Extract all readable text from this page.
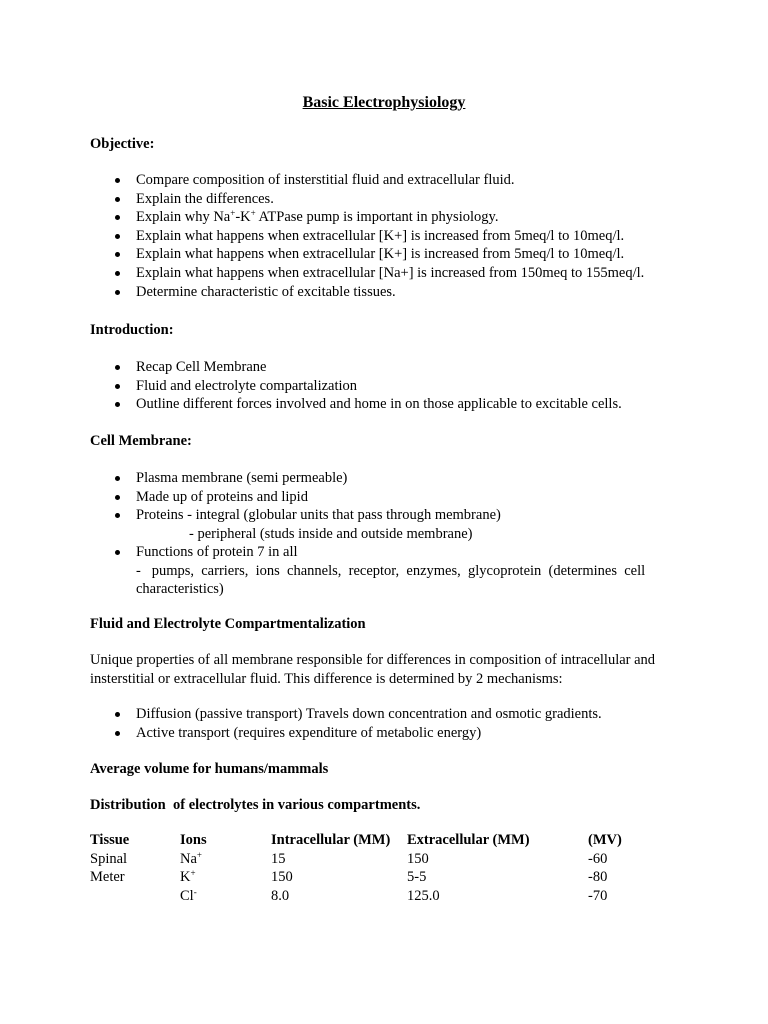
Basic Electrophysiology
Objective:
Compare composition of insterstitial fluid and extracellular fluid.
Explain the differences.
Explain why Na+-K+ ATPase pump is important in physiology.
Explain what happens when extracellular [K+] is increased from 5meq/l to 10meq/l.
Explain what happens when extracellular [K+] is increased from 5meq/l to 10meq/l.
Explain what happens when extracellular [Na+] is increased from 150meq to 155meq/l.
Determine characteristic of excitable tissues.
Introduction:
Recap Cell Membrane
Fluid and electrolyte compartalization
Outline different forces involved and home in on those applicable to excitable cells.
Cell Membrane:
Plasma membrane (semi permeable)
Made up of proteins and lipid
Proteins - integral (globular units that pass through membrane)
- peripheral (studs inside and outside membrane)
Functions of protein 7 in all
-   pumps,  carriers,  ions  channels,  receptor,  enzymes,  glycoprotein  (determines  cell
characteristics)
Fluid and Electrolyte Compartmentalization
Unique properties of all membrane responsible for differences in composition of intracellular and insterstitial or extracellular fluid. This difference is determined by 2 mechanisms:
Diffusion (passive transport) Travels down concentration and osmotic gradients.
Active transport (requires expenditure of metabolic energy)
Average volume for humans/mammals
Distribution  of electrolytes in various compartments.
Tissue	Ions	Intracellular (MM)	Extracellular (MM)	(MV)
Spinal	Na+	15	150	-60
Meter	K+	150	5-5	-80
	Cl-	8.0	125.0	-70
